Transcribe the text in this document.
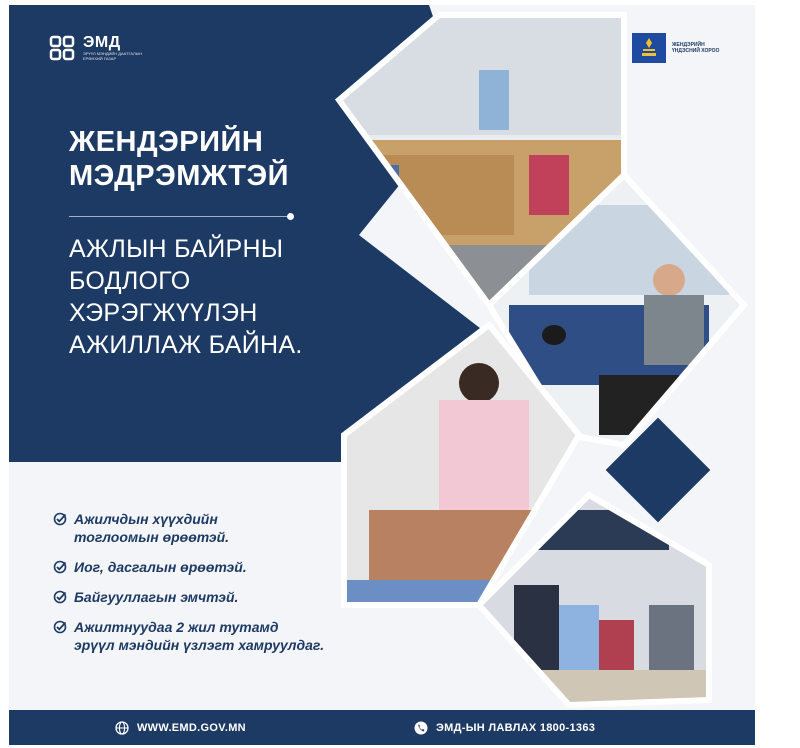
ЭМД
ЭРҮҮЛ МЭНДИЙН ДААТГАЛЫН ЕРӨНХИЙ ГАЗАР
ЖЕНДЭРИЙН ҮНДЭСНИЙ ХОРОО
ЖЕНДЭРИЙН
МЭДРЭМЖТЭЙ
АЖЛЫН БАЙРНЫ
БОДЛОГО
ХЭРЭГЖҮҮЛЭН
АЖИЛЛАЖ БАЙНА.
Ажилчдын хүүхдийн
тоглоомын өрөөтэй.
Иог, дасгалын өрөөтэй.
Байгууллагын эмчтэй.
Ажилтнуудаа 2 жил тутамд
эрүүл мэндийн үзлэгт хамруулдаг.
WWW.EMD.GOV.MN	ЭМД-ЫН ЛАВЛАХ 1800-1363
